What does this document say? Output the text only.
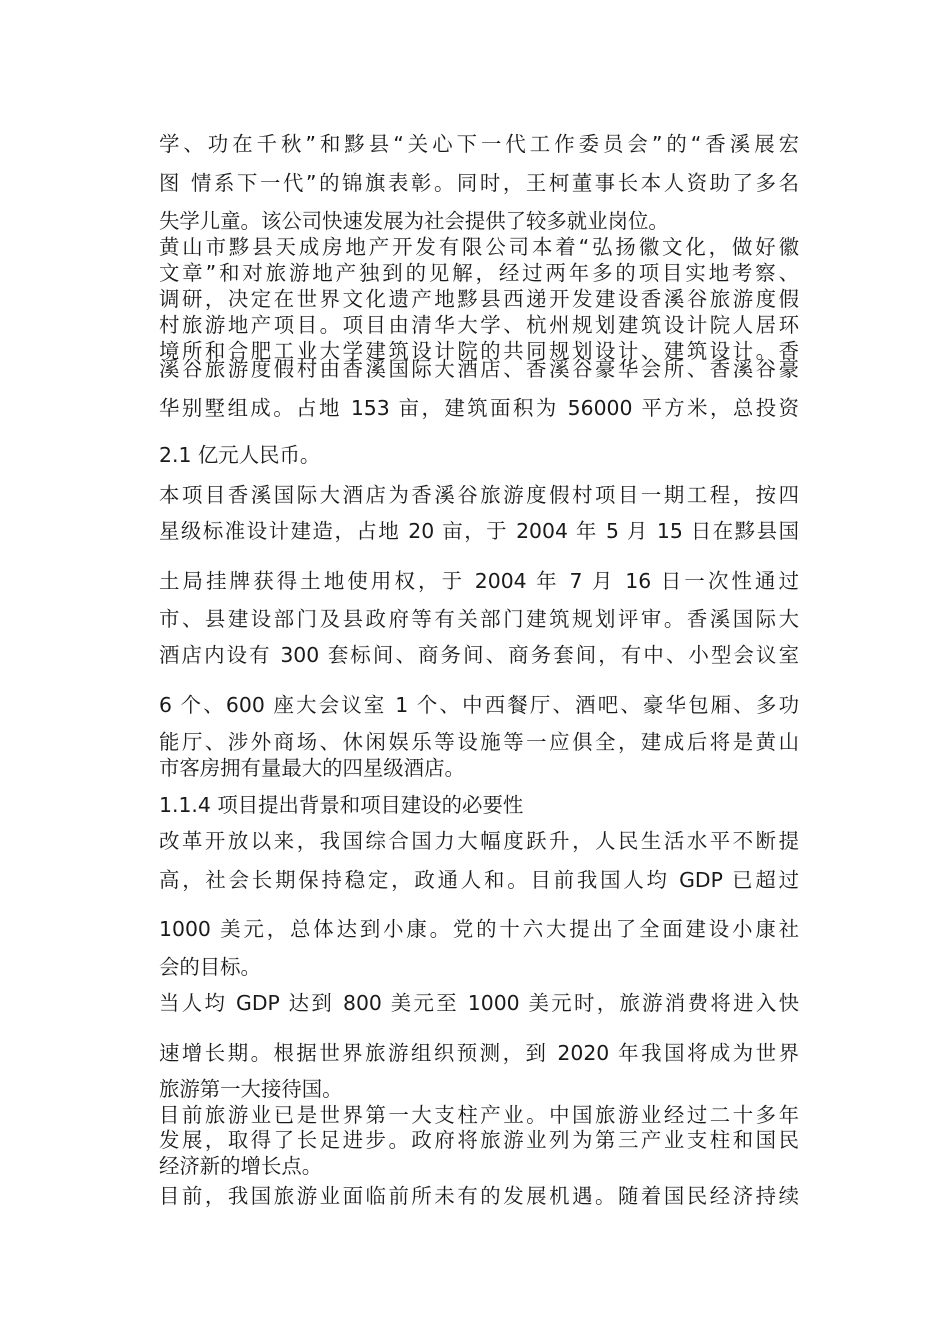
学、功在千秋”和黟县“关心下一代工作委员会”的“香溪展宏

图 情系下一代”的锦旗表彰。同时，王柯董事长本人资助了多名

失学儿童。该公司快速发展为社会提供了较多就业岗位。

黄山市黟县天成房地产开发有限公司本着“弘扬徽文化，做好徽

文章”和对旅游地产独到的见解，经过两年多的项目实地考察、

调研，决定在世界文化遗产地黟县西递开发建设香溪谷旅游度假

村旅游地产项目。项目由清华大学、杭州规划建筑设计院人居环

境所和合肥工业大学建筑设计院的共同规划设计、建筑设计。香

溪谷旅游度假村由香溪国际大酒店、香溪谷豪华会所、香溪谷豪

华别墅组成。占地 153 亩，建筑面积为 56000 平方米，总投资

2.1 亿元人民币。

本项目香溪国际大酒店为香溪谷旅游度假村项目一期工程，按四

星级标准设计建造，占地 20 亩，于 2004 年 5 月 15 日在黟县国

土局挂牌获得土地使用权，于 2004 年 7 月 16 日一次性通过

市、县建设部门及县政府等有关部门建筑规划评审。香溪国际大

酒店内设有 300 套标间、商务间、商务套间，有中、小型会议室

6 个、600 座大会议室 1 个、中西餐厅、酒吧、豪华包厢、多功

能厅、涉外商场、休闲娱乐等设施等一应俱全，建成后将是黄山

市客房拥有量最大的四星级酒店。

1.1.4 项目提出背景和项目建设的必要性

改革开放以来，我国综合国力大幅度跃升，人民生活水平不断提

高，社会长期保持稳定，政通人和。目前我国人均 GDP 已超过

1000 美元，总体达到小康。党的十六大提出了全面建设小康社

会的目标。

当人均 GDP 达到 800 美元至 1000 美元时，旅游消费将进入快

速增长期。根据世界旅游组织预测，到 2020 年我国将成为世界

旅游第一大接待国。

目前旅游业已是世界第一大支柱产业。中国旅游业经过二十多年

发展，取得了长足进步。政府将旅游业列为第三产业支柱和国民

经济新的增长点。

目前，我国旅游业面临前所未有的发展机遇。随着国民经济持续
